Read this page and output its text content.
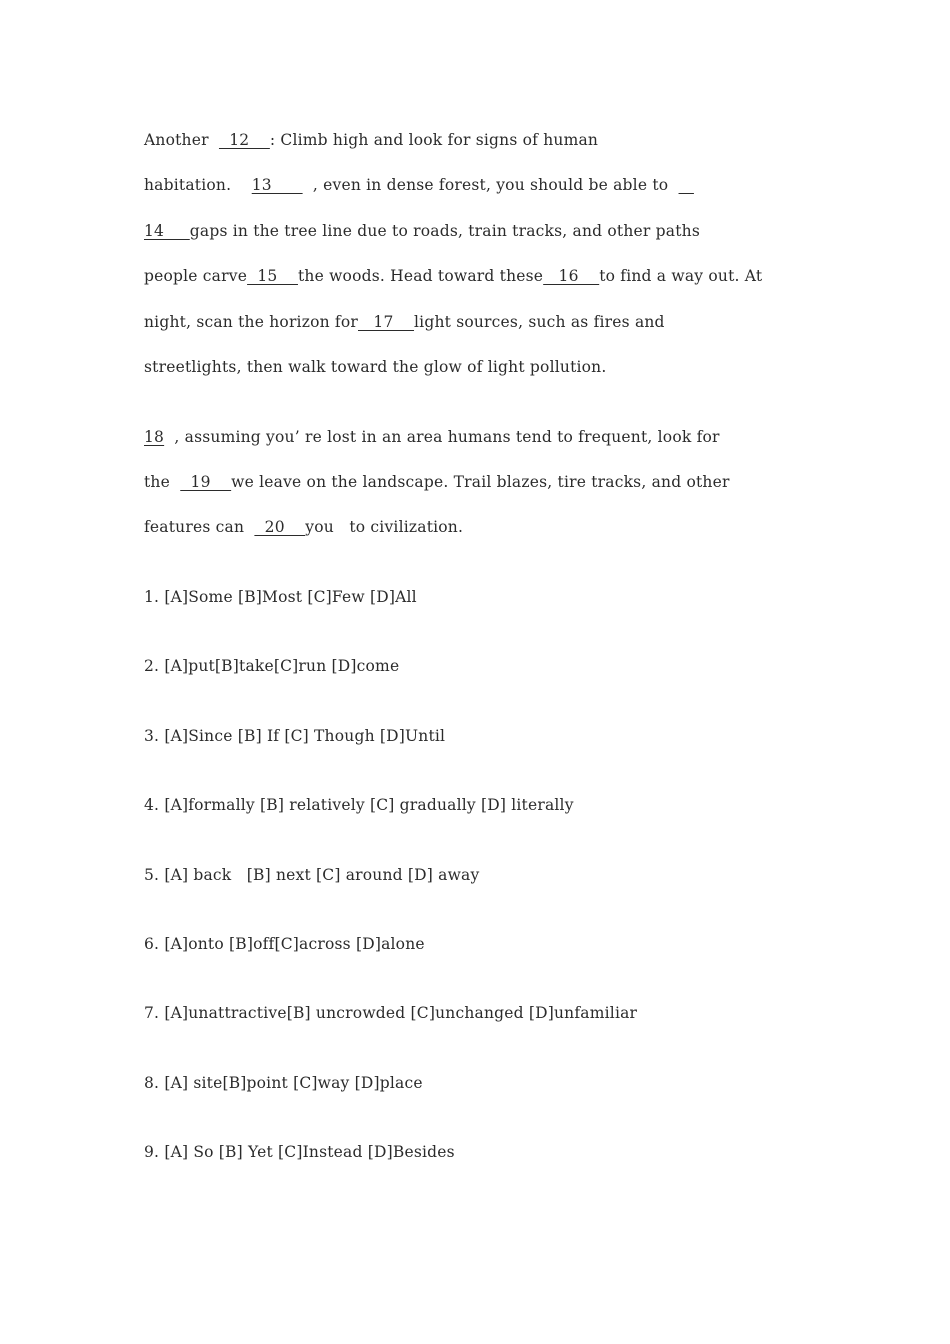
Another    12    : Climb high and look for signs of human
habitation.    13        , even in dense forest, you should be able to
14     gaps in the tree line due to roads, train tracks, and other paths
people carve  15    the woods. Head toward these   16    to find a way out. At
night, scan the horizon for   17    light sources, such as fires and
streetlights, then walk toward the glow of light pollution.
18  , assuming you’ re lost in an area humans tend to frequent, look for
the    19    we leave on the landscape. Trail blazes, tire tracks, and other
features can    20    you   to civilization.
1. [A]Some [B]Most [C]Few [D]All
2. [A]put[B]take[C]run [D]come
3. [A]Since [B] If [C] Though [D]Until
4. [A]formally [B] relatively [C] gradually [D] literally
5. [A] back   [B] next [C] around [D] away
6. [A]onto [B]off[C]across [D]alone
7. [A]unattractive[B] uncrowded [C]unchanged [D]unfamiliar
8. [A] site[B]point [C]way [D]place
9. [A] So [B] Yet [C]Instead [D]Besides
